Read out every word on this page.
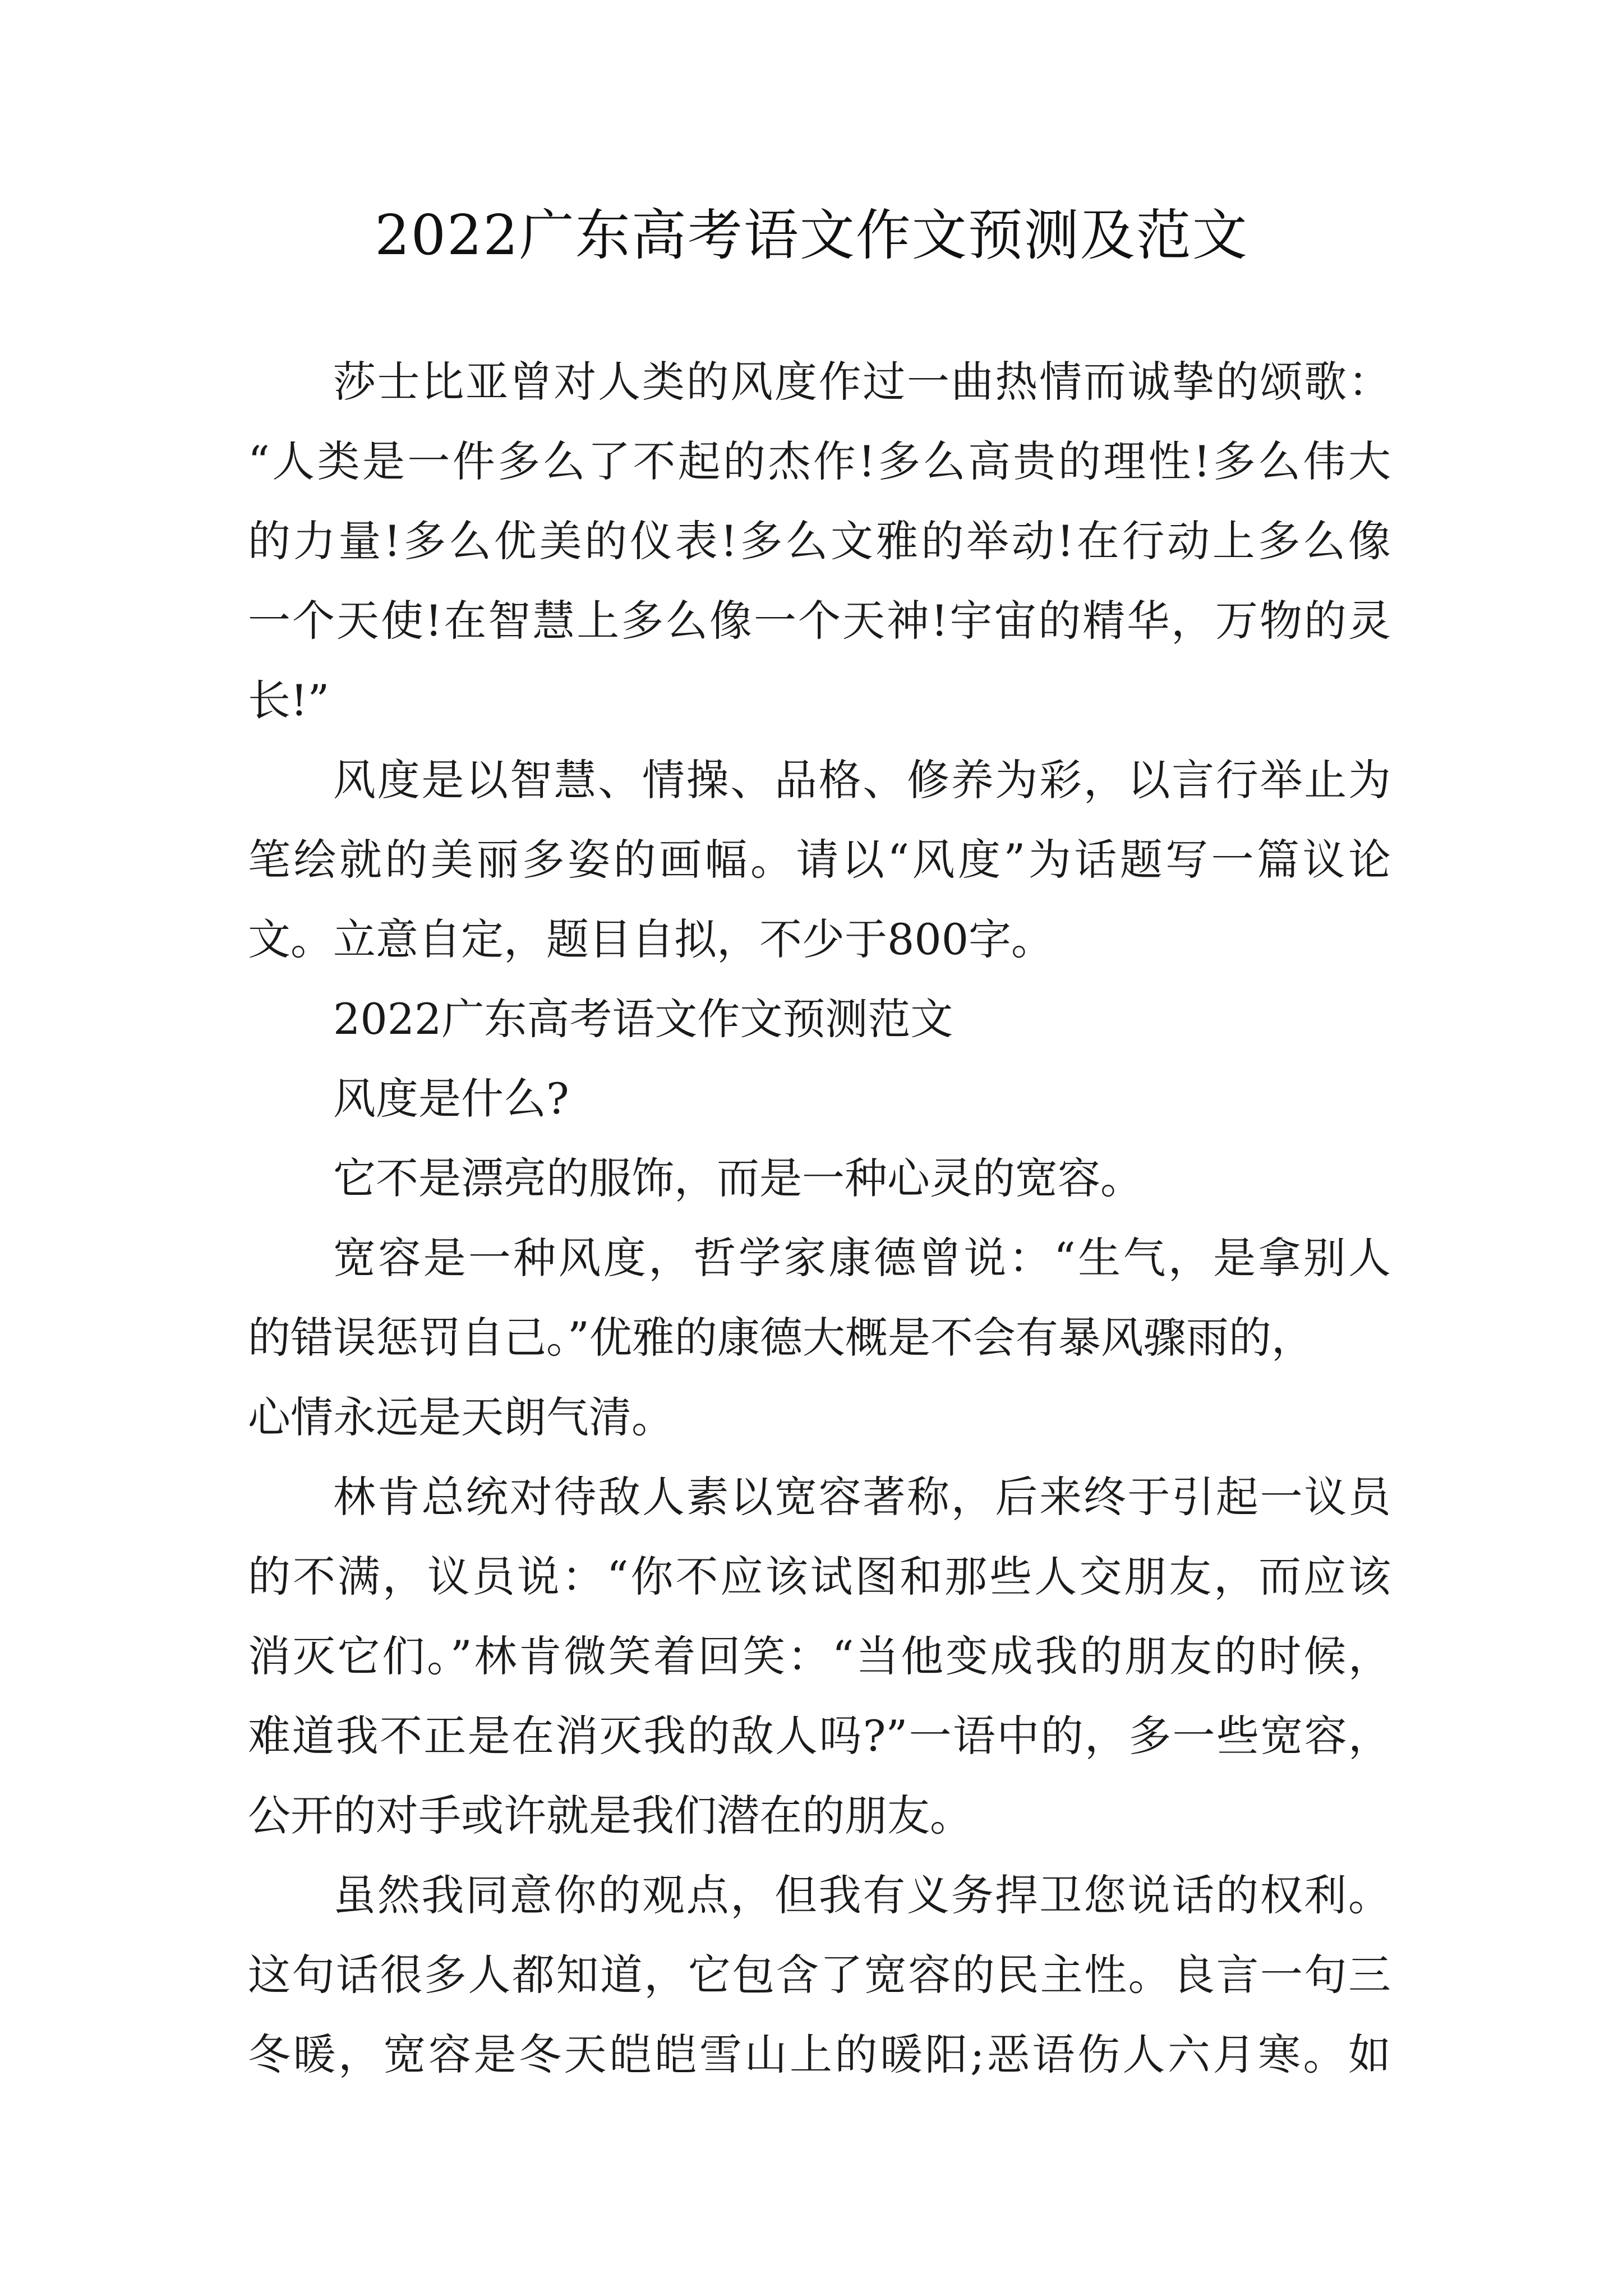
2022广东高考语文作文预测及范文
莎士比亚曾对人类的风度作过一曲热情而诚挚的颂歌：
“人类是一件多么了不起的杰作!多么高贵的理性!多么伟大
的力量!多么优美的仪表!多么文雅的举动!在行动上多么像
一个天使!在智慧上多么像一个天神!宇宙的精华，万物的灵
长!”
风度是以智慧、情操、品格、修养为彩，以言行举止为
笔绘就的美丽多姿的画幅。请以“风度”为话题写一篇议论
文。立意自定，题目自拟，不少于800字。
2022广东高考语文作文预测范文
风度是什么?
它不是漂亮的服饰，而是一种心灵的宽容。
宽容是一种风度，哲学家康德曾说：“生气，是拿别人
的错误惩罚自己。”优雅的康德大概是不会有暴风骤雨的，
心情永远是天朗气清。
林肯总统对待敌人素以宽容著称，后来终于引起一议员
的不满，议员说：“你不应该试图和那些人交朋友，而应该
消灭它们。”林肯微笑着回笑：“当他变成我的朋友的时候，
难道我不正是在消灭我的敌人吗?”一语中的，多一些宽容，
公开的对手或许就是我们潜在的朋友。
虽然我同意你的观点，但我有义务捍卫您说话的权利。
这句话很多人都知道，它包含了宽容的民主性。良言一句三
冬暖，宽容是冬天皑皑雪山上的暖阳;恶语伤人六月寒。如
